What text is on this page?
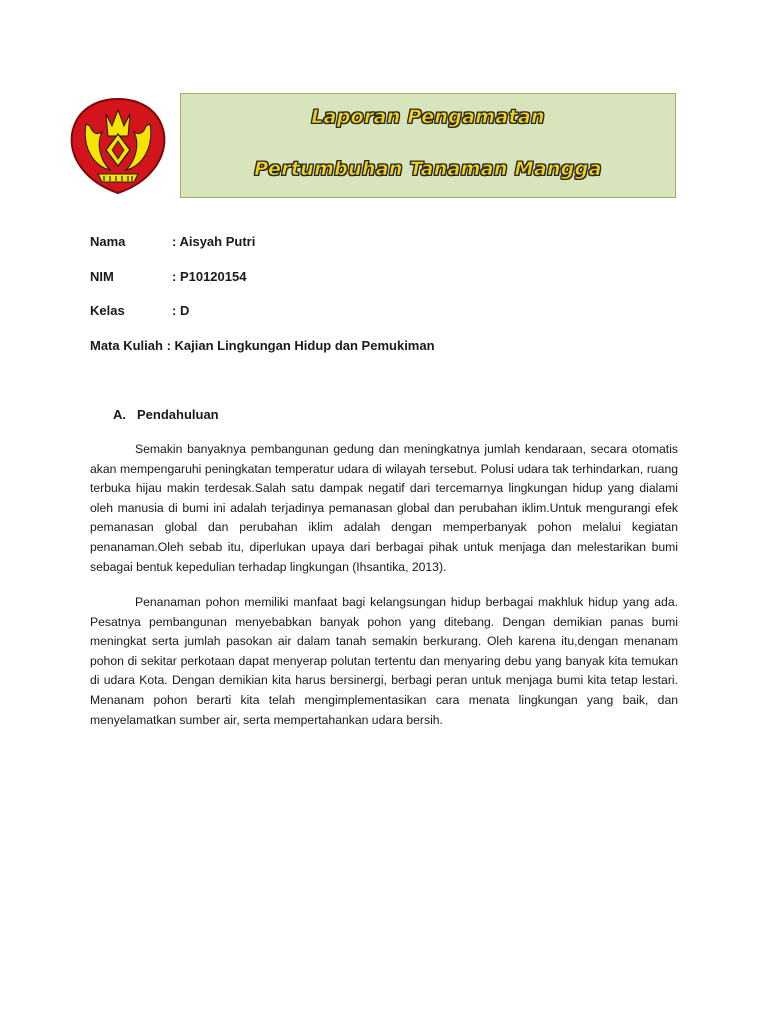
Laporan Pengamatan
Pertumbuhan Tanaman Mangga
Nama	: Aisyah Putri
NIM	: P10120154
Kelas	: D
Mata Kuliah : Kajian Lingkungan Hidup dan Pemukiman
A. Pendahuluan

Semakin banyaknya pembangunan gedung dan meningkatnya jumlah kendaraan, secara otomatis akan mempengaruhi peningkatan temperatur udara di wilayah tersebut. Polusi udara tak terhindarkan, ruang terbuka hijau makin terdesak.Salah satu dampak negatif dari tercemarnya lingkungan hidup yang dialami oleh manusia di bumi ini adalah terjadinya pemanasan global dan perubahan iklim.Untuk mengurangi efek pemanasan global dan perubahan iklim adalah dengan memperbanyak pohon melalui kegiatan penanaman.Oleh sebab itu, diperlukan upaya dari berbagai pihak untuk menjaga dan melestarikan bumi sebagai bentuk kepedulian terhadap lingkungan (Ihsantika, 2013).

Penanaman pohon memiliki manfaat bagi kelangsungan hidup berbagai makhluk hidup yang ada. Pesatnya pembangunan menyebabkan banyak pohon yang ditebang. Dengan demikian panas bumi meningkat serta jumlah pasokan air dalam tanah semakin berkurang. Oleh karena itu,dengan menanam pohon di sekitar perkotaan dapat menyerap polutan tertentu dan menyaring debu yang banyak kita temukan di udara Kota. Dengan demikian kita harus bersinergi, berbagi peran untuk menjaga bumi kita tetap lestari. Menanam pohon berarti kita telah mengimplementasikan cara menata lingkungan yang baik, dan menyelamatkan sumber air, serta mempertahankan udara bersih.
